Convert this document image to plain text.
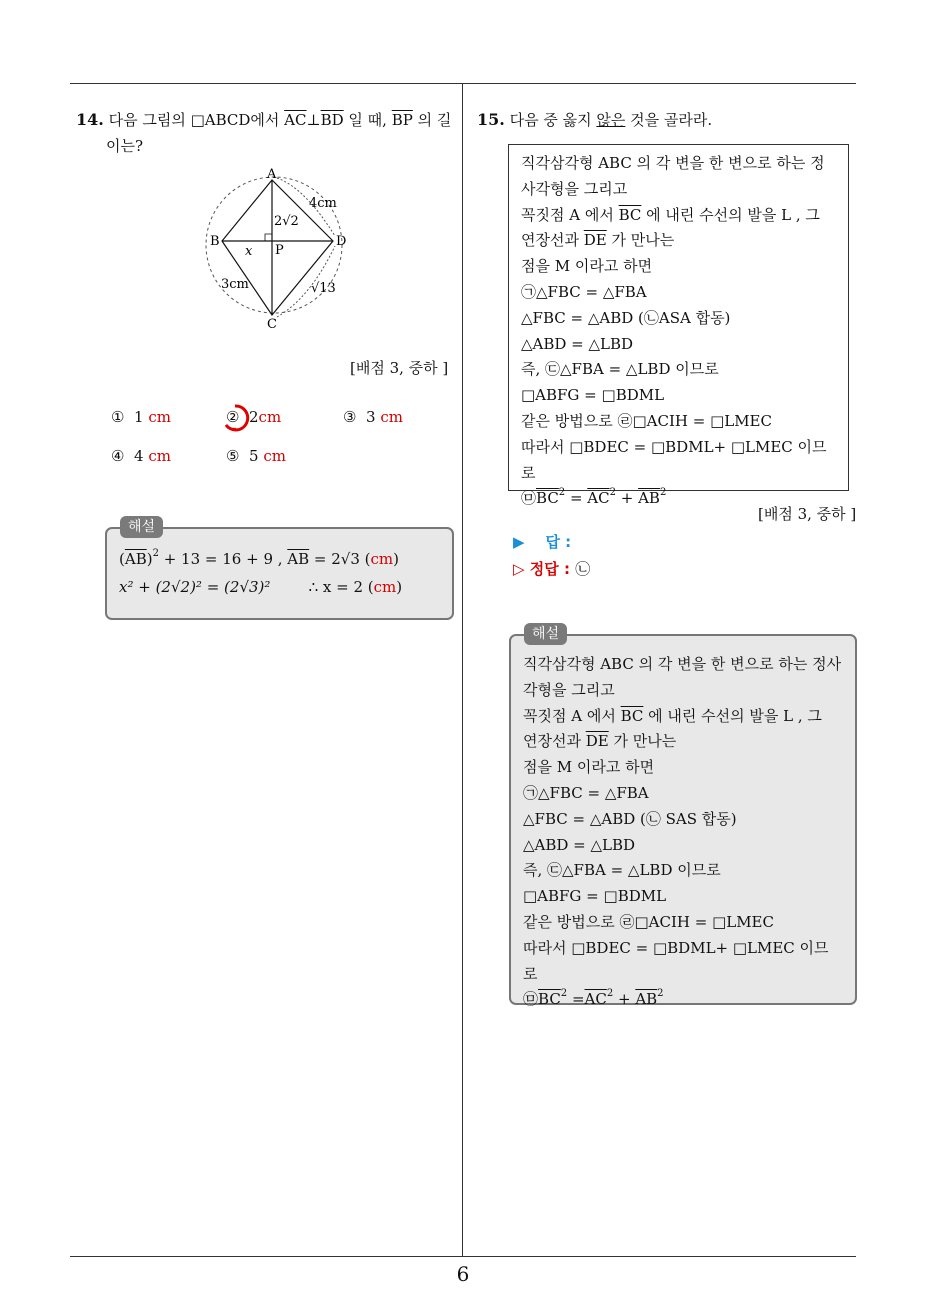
6
14. 다음 그림의 □ABCD에서 $\overline{AC}\perp\overline{BD}$ 일 때, $\overline{BP}$ 의 길
이는?
A
B
C
D
P
4cm
2√2
x
3cm	√13
[배점 3, 중하 ]
① 1 cm	② 2cm	③ 3 cm
④ 4 cm	⑤ 5 cm
$(\overline{AB})^2 + 13 = 16 + 9$ , $\overline{AB} = 2√3$ (cm)
x² + (2√2)² = (2√3)²	∴ x = 2 (cm)
해설
15. 다음 중 옳지 않은 것을 골라라.
직각삼각형 ABC 의 각 변을 한 변으로 하는 정
사각형을 그리고
꼭짓점 A 에서 $\overline{BC}$ 에 내린 수선의 발을 L , 그
연장선과 $\overline{DE}$ 가 만나는
점을 M 이라고 하면
㉠△FBC = △FBA
△FBC = △ABD (㉡ASA 합동)
△ABD = △LBD
즉, ㉢△FBA = △LBD 이므로
□ABFG = □BDML
같은 방법으로 ㉣□ACIH = □LMEC
따라서 □BDEC = □BDML+ □LMEC 이므로
$㉤\overline{BC}^2 = \overline{AC}^2 + \overline{AB}^2$
[배점 3, 중하 ]
▶ 답 :
▷ 정답 : ㉡
직각삼각형 ABC 의 각 변을 한 변으로 하는 정사
각형을 그리고
꼭짓점 A 에서 $\overline{BC}$ 에 내린 수선의 발을 L , 그
연장선과 $\overline{DE}$ 가 만나는
점을 M 이라고 하면
㉠△FBC = △FBA
△FBC = △ABD (㉡ SAS 합동)
△ABD = △LBD
즉, ㉢△FBA = △LBD 이므로
□ABFG = □BDML
같은 방법으로 ㉣□ACIH = □LMEC
따라서 □BDEC = □BDML+ □LMEC 이므로
$㉤\overline{BC}^2 =\overline{AC}^2 + \overline{AB}^2$
해설
